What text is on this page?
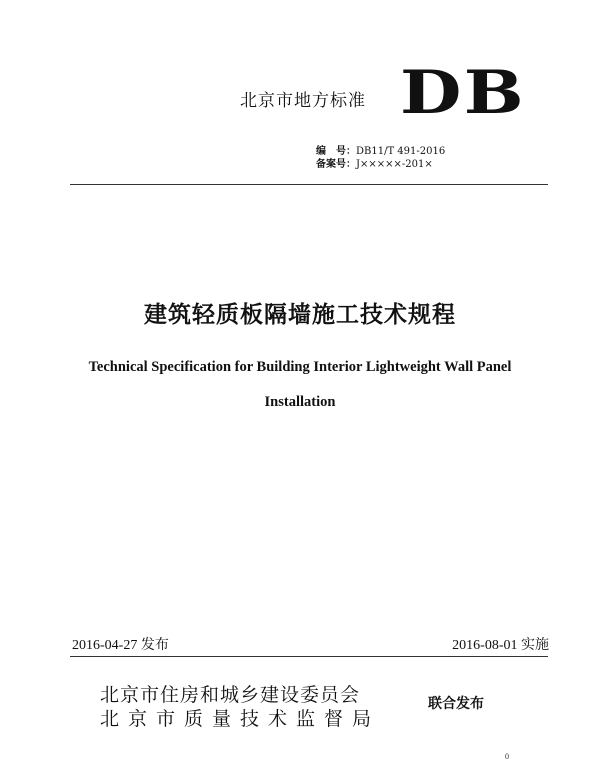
北京市地方标准 DB
编　号：DB11/T 491-2016
备案号：J×××××-201×
建筑轻质板隔墙施工技术规程
Technical Specification for Building Interior Lightweight Wall Panel
Installation
2016-04-27 发布	2016-08-01 实施
北京市住房和城乡建设委员会
北京市质量技术监督局
联合发布
0
